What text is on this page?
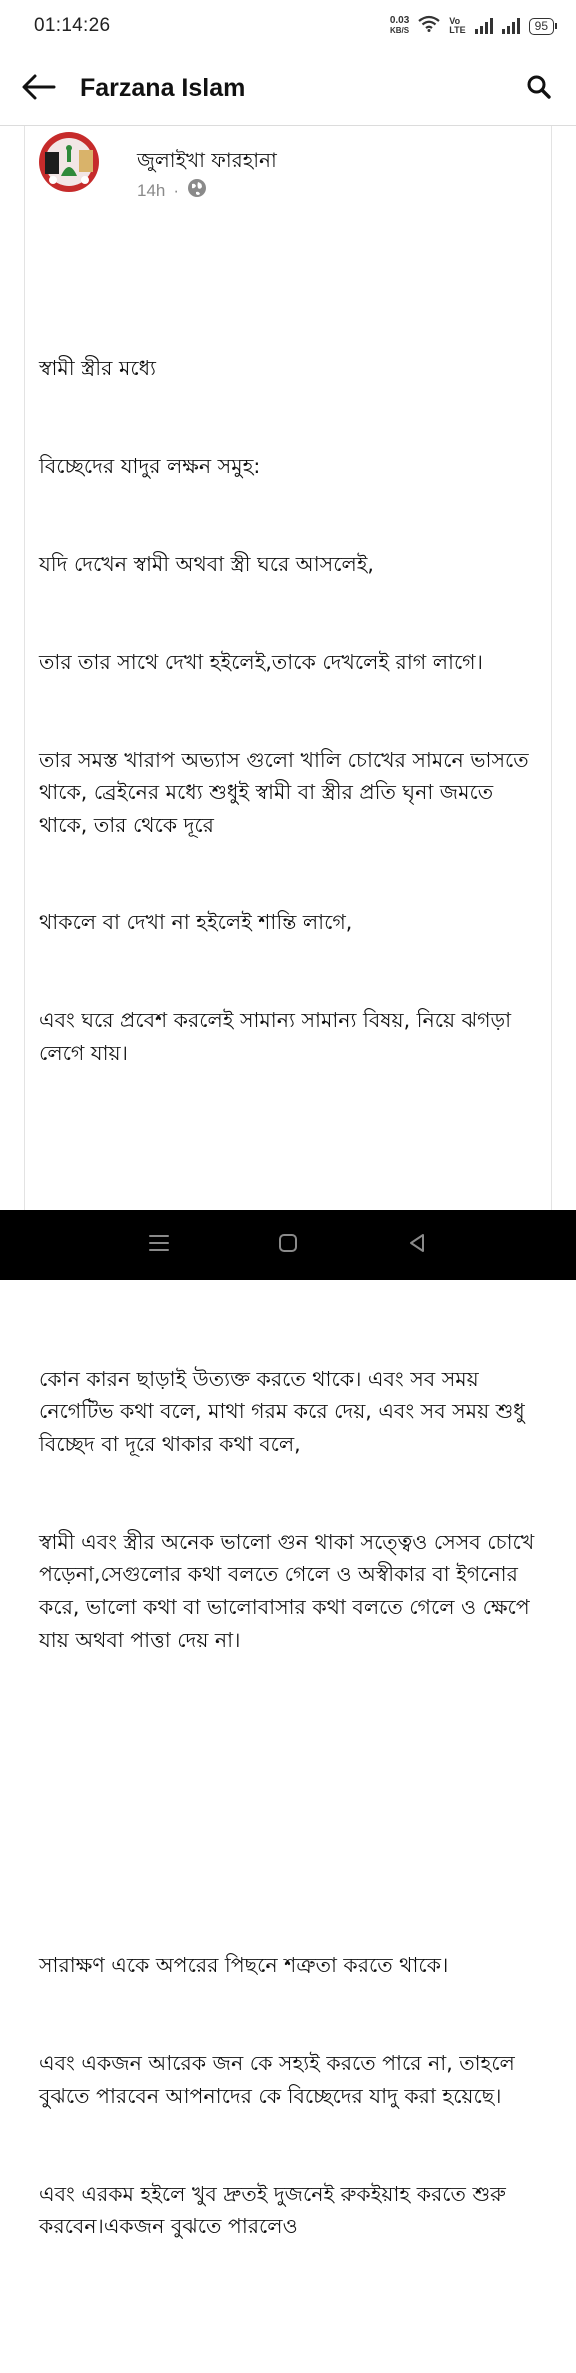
01:14:26	0.03
KB/S
Vo
LTE	95
Farzana Islam
জুলাইখা ফারহানা
14h ·

স্বামী স্ত্রীর মধ্যে

বিচ্ছেদের যাদুর লক্ষন সমুহ:

যদি দেখেন স্বামী অথবা স্ত্রী ঘরে আসলেই,

তার তার সাথে দেখা হইলেই,তাকে দেখলেই রাগ লাগে।

তার সমস্ত খারাপ অভ্যাস গুলো খালি চোখের সামনে ভাসতে থাকে, ব্রেইনের মধ্যে শুধুই স্বামী বা স্ত্রীর প্রতি ঘৃনা জমতে থাকে, তার থেকে দূরে

থাকলে বা দেখা না হইলেই শান্তি লাগে,

এবং ঘরে প্রবেশ করলেই সামান্য সামান্য বিষয়, নিয়ে ঝগড়া লেগে যায়।

কোন কারন ছাড়াই উত্যক্ত করতে থাকে। এবং সব সময় নেগেটিভ কথা বলে, মাথা গরম করে দেয়, এবং সব সময় শুধু বিচ্ছেদ বা দূরে থাকার কথা বলে,

স্বামী এবং স্ত্রীর অনেক ভালো গুন থাকা সত্ত্বেও সেসব চোখে পড়েনা,সেগুলোর কথা বলতে গেলে ও অস্বীকার বা ইগনোর করে, ভালো কথা বা ভালোবাসার কথা বলতে গেলে ও ক্ষেপে যায় অথবা পাত্তা দেয় না।

সারাক্ষণ একে অপরের পিছনে শত্রুতা করতে থাকে।

এবং একজন আরেক জন কে সহ্যই করতে পারে না, তাহলে বুঝতে পারবেন আপনাদের কে বিচ্ছেদের যাদু করা হয়েছে।

এবং এরকম হইলে খুব দ্রুতই দুজনেই রুকইয়াহ করতে শুরু করবেন।একজন বুঝতে পারলেও
